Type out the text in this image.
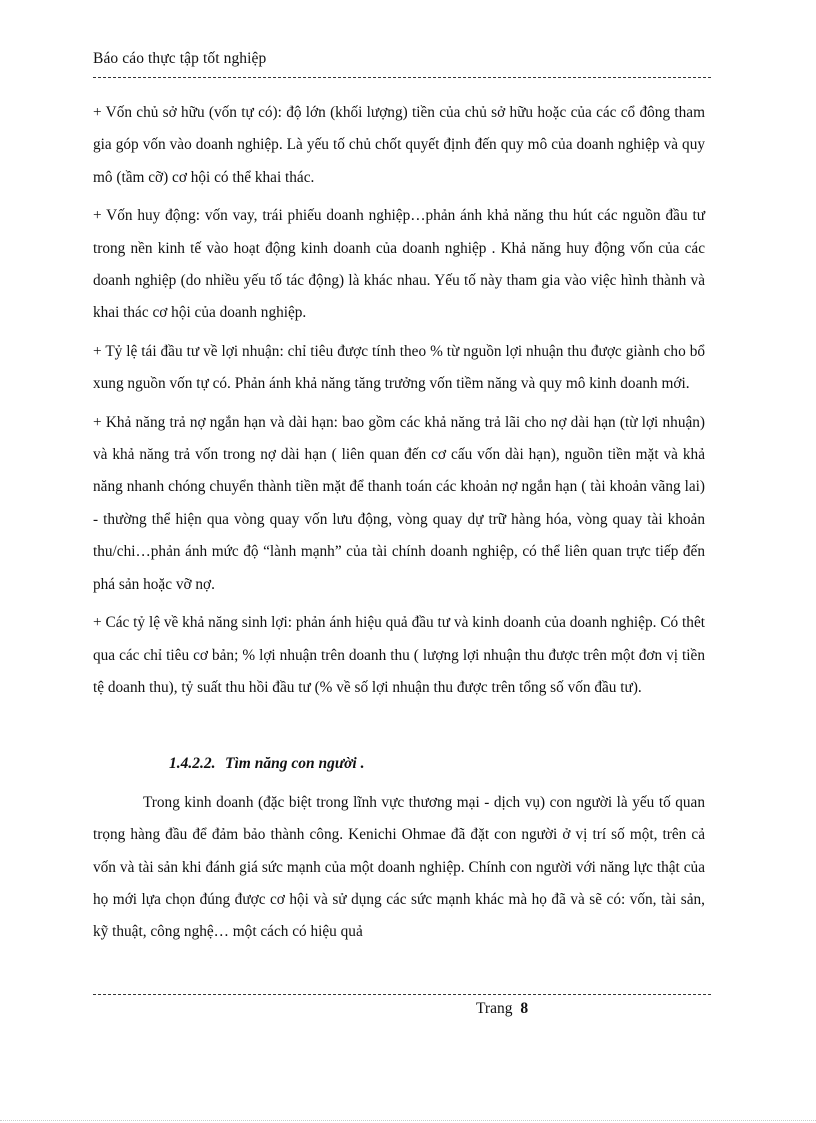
Báo cáo thực tập tốt nghiệp

+ Vốn chủ sở hữu (vốn tự có): độ lớn (khối lượng) tiền của chủ sở hữu hoặc của các cổ đông tham gia góp vốn vào doanh nghiệp. Là yếu tố chủ chốt quyết định đến quy mô của doanh nghiệp và quy mô (tầm cỡ) cơ hội có thể khai thác.

+ Vốn huy động: vốn vay, trái phiếu doanh nghiệp…phản ánh khả năng thu hút các nguồn đầu tư trong nền kinh tế vào hoạt động kinh doanh của doanh nghiệp . Khả năng huy động vốn của các doanh nghiệp (do nhiều yếu tố tác động) là khác nhau. Yếu tố này tham gia vào việc hình thành và khai thác cơ hội của doanh nghiệp.

+ Tỷ lệ tái đầu tư về lợi nhuận: chỉ tiêu được tính theo % từ nguồn lợi nhuận thu được giành cho bổ xung nguồn vốn tự có. Phản ánh khả năng tăng trưởng vốn tiềm năng và quy mô kinh doanh mới.

+ Khả năng trả nợ ngắn hạn và dài hạn: bao gồm các khả năng trả lãi cho nợ dài hạn (từ lợi nhuận) và khả năng trả vốn trong nợ dài hạn ( liên quan đến cơ cấu vốn dài hạn), nguồn tiền mặt và khả năng nhanh chóng chuyển thành tiền mặt để thanh toán các khoản nợ ngắn hạn ( tài khoản vãng lai) - thường thể hiện qua vòng quay vốn lưu động, vòng quay dự trữ hàng hóa, vòng quay tài khoản thu/chi…phản ánh mức độ “lành mạnh” của tài chính doanh nghiệp, có thể liên quan trực tiếp đến phá sản hoặc vỡ nợ.

+ Các tỷ lệ về khả năng sinh lợi: phản ánh hiệu quả đầu tư và kinh doanh của doanh nghiệp. Có thêt qua các chỉ tiêu cơ bản; % lợi nhuận trên doanh thu ( lượng lợi nhuận thu được trên một đơn vị tiền tệ doanh thu), tỷ suất thu hồi đầu tư (% về số lợi nhuận thu được trên tổng số vốn đầu tư).

1.4.2.2. Tìm năng con người .

Trong kinh doanh (đặc biệt trong lĩnh vực thương mại - dịch vụ) con người là yếu tố quan trọng hàng đầu để đảm bảo thành công. Kenichi Ohmae đã đặt con người ở vị trí số một, trên cả vốn và tài sản khi đánh giá sức mạnh của một doanh nghiệp. Chính con người với năng lực thật của họ mới lựa chọn đúng được cơ hội và sử dụng các sức mạnh khác mà họ đã và sẽ có: vốn, tài sản, kỹ thuật, công nghệ… một cách có hiệu quả

Trang 8
